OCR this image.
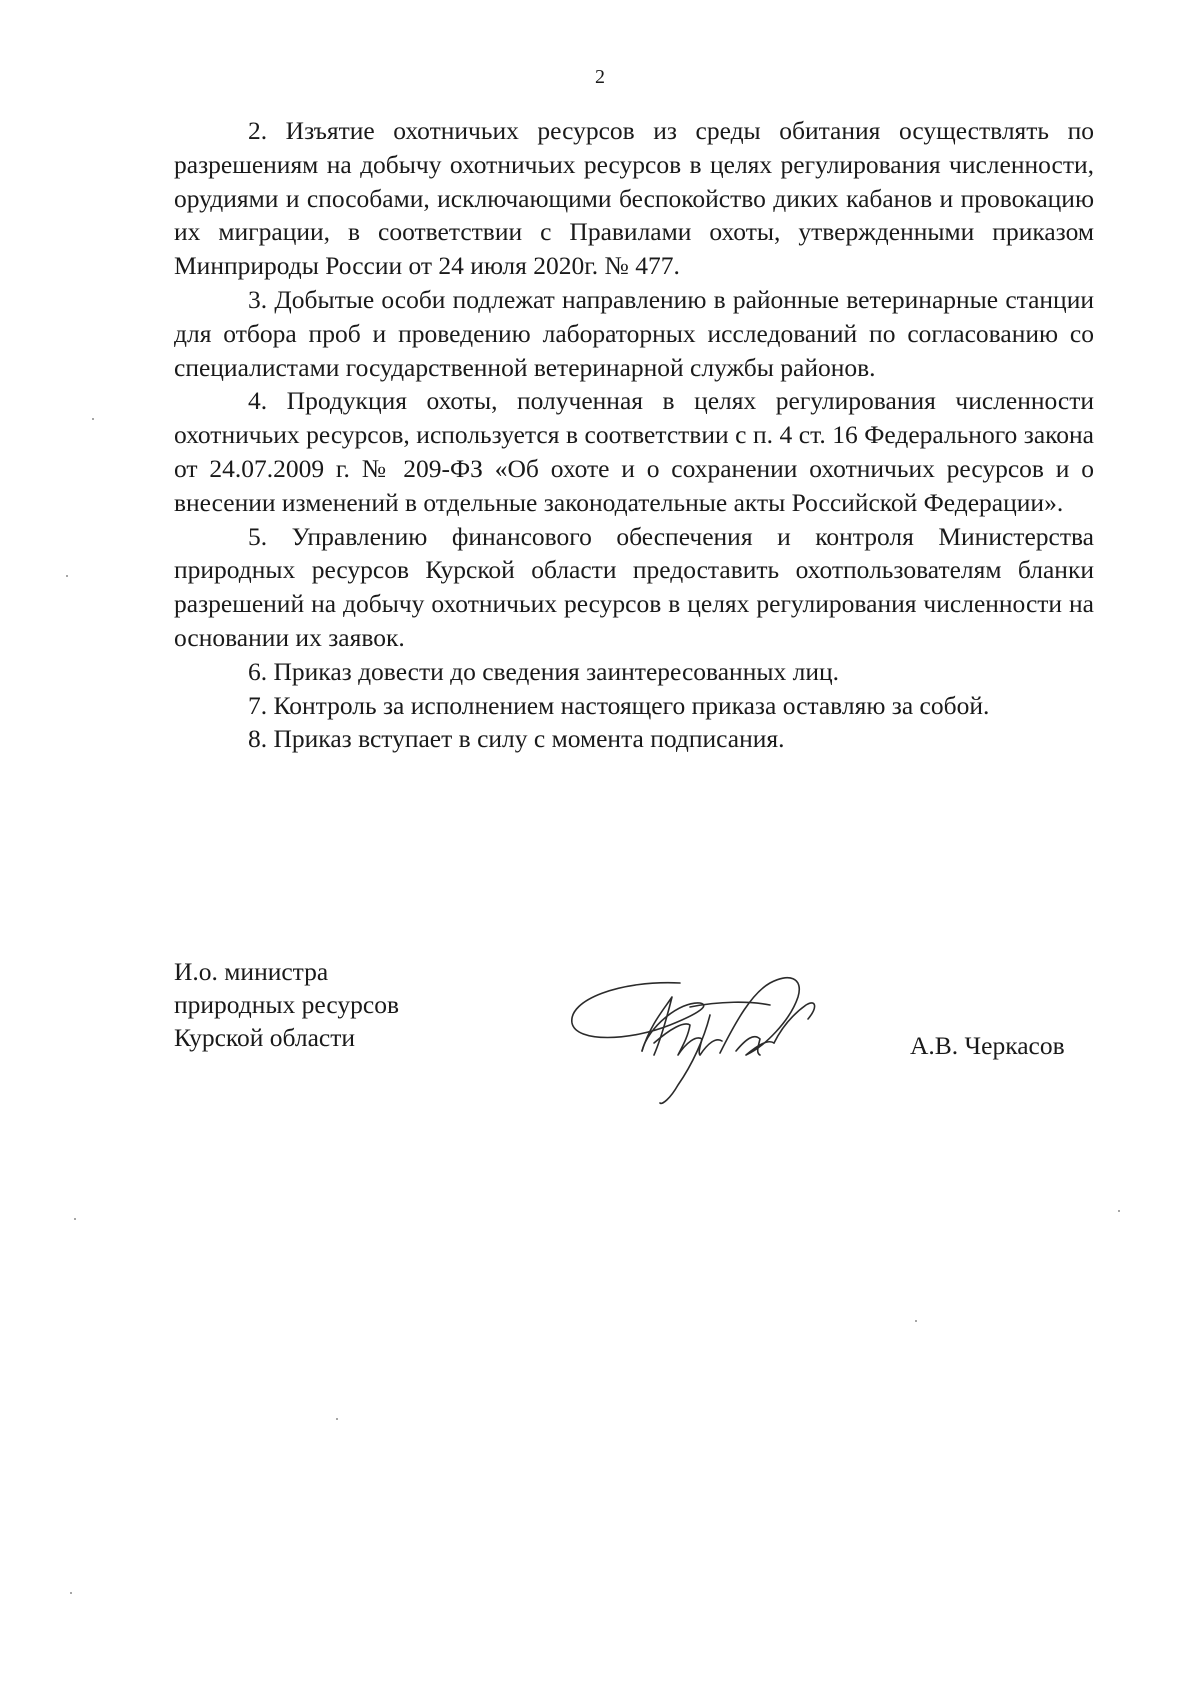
2

2. Изъятие охотничьих ресурсов из среды обитания осуществлять по разрешениям на добычу охотничьих ресурсов в целях регулирования численности, орудиями и способами, исключающими беспокойство диких кабанов и провокацию их миграции, в соответствии с Правилами охоты, утвержденными приказом Минприроды России от 24 июля 2020г. № 477.

3. Добытые особи подлежат направлению в районные ветеринарные станции для отбора проб и проведению лабораторных исследований по согласованию со специалистами государственной ветеринарной службы районов.

4. Продукция охоты, полученная в целях регулирования численности охотничьих ресурсов, используется в соответствии с п. 4 ст. 16 Федерального закона от 24.07.2009 г. № 209-ФЗ «Об охоте и о сохранении охотничьих ресурсов и о внесении изменений в отдельные законодательные акты Российской Федерации».

5. Управлению финансового обеспечения и контроля Министерства природных ресурсов Курской области предоставить охотпользователям бланки разрешений на добычу охотничьих ресурсов в целях регулирования численности на основании их заявок.

6. Приказ довести до сведения заинтересованных лиц.

7. Контроль за исполнением настоящего приказа оставляю за собой.

8. Приказ вступает в силу с момента подписания.

И.о. министра
природных ресурсов
Курской области	А.В. Черкасов
